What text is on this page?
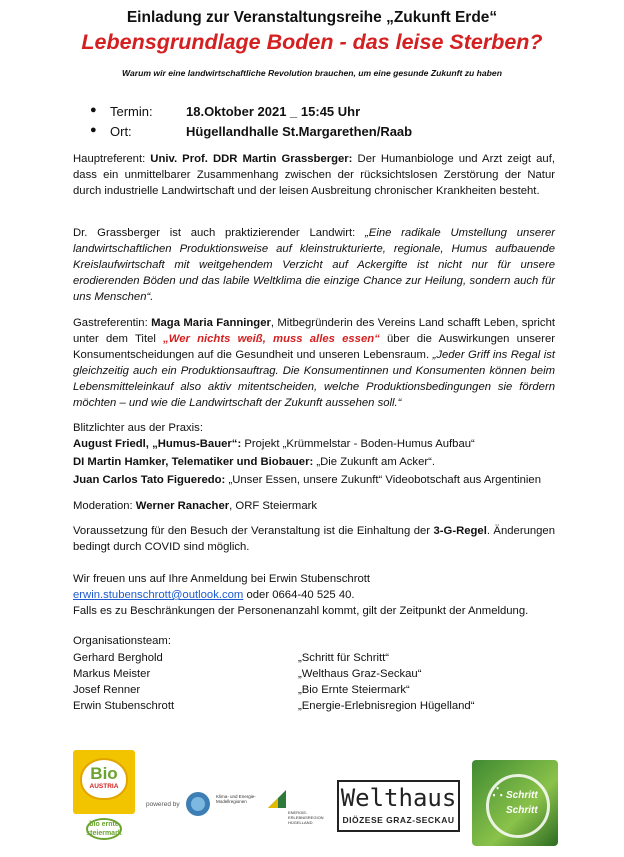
Einladung zur Veranstaltungsreihe „Zukunft Erde“
Lebensgrundlage Boden - das leise Sterben?
Warum wir eine landwirtschaftliche Revolution brauchen, um eine gesunde Zukunft zu haben
● Termin:	18.Oktober 2021 _ 15:45 Uhr
● Ort:	Hügellandhalle St.Margarethen/Raab
Hauptreferent: Univ. Prof. DDR Martin Grassberger: Der Humanbiologe und Arzt zeigt auf, dass ein unmittelbarer Zusammenhang zwischen der rücksichtslosen Zerstörung der Natur durch industrielle Landwirtschaft und der leisen Ausbreitung chronischer Krankheiten besteht.
Dr. Grassberger ist auch praktizierender Landwirt: „Eine radikale Umstellung unserer landwirtschaftlichen Produktionsweise auf kleinstrukturierte, regionale, Humus aufbauende Kreislaufwirtschaft mit weitgehendem Verzicht auf Ackergifte ist nicht nur für unsere erodierenden Böden und das labile Weltklima die einzige Chance zur Heilung, sondern auch für uns Menschen“.
Gastreferentin: Maga Maria Fanninger, Mitbegründerin des Vereins Land schafft Leben, spricht unter dem Titel „Wer nichts weiß, muss alles essen“ über die Auswirkungen unserer Konsumentscheidungen auf die Gesundheit und unseren Lebensraum. „Jeder Griff ins Regal ist gleichzeitig auch ein Produktionsauftrag. Die Konsumentinnen und Konsumenten können beim Lebensmitteleinkauf also aktiv mitentscheiden, welche Produktionsbedingungen sie fördern möchten – und wie die Landwirtschaft der Zukunft aussehen soll.“
Blitzlichter aus der Praxis:
August Friedl, „Humus-Bauer“: Projekt „Krümmelstar - Boden-Humus Aufbau“
DI Martin Hamker, Telematiker und Biobauer: „Die Zukunft am Acker“.
Juan Carlos Tato Figueredo: „Unser Essen, unsere Zukunft“ Videobotschaft aus Argentinien
Moderation: Werner Ranacher, ORF Steiermark
Voraussetzung für den Besuch der Veranstaltung ist die Einhaltung der 3-G-Regel. Änderungen bedingt durch COVID sind möglich.
Wir freuen uns auf Ihre Anmeldung bei Erwin Stubenschrott
erwin.stubenschrott@outlook.com oder 0664-40 525 40.
Falls es zu Beschränkungen der Personenanzahl kommt, gilt der Zeitpunkt der Anmeldung.
Organisationsteam:
Gerhard Berghold	„Schritt für Schritt“
Markus Meister	„Welthaus Graz-Seckau“
Josef Renner	„Bio Ernte Steiermark“
Erwin Stubenschrott	„Energie-Erlebnisregion Hügelland“
Bio
AUSTRIA
bio ernte
steiermark
powered by
Klima- und Energie-Modellregionen
ENERGIE-ERLEBNISREGION HÜGELLAND
Welthaus
DIÖZESE GRAZ-SECKAU
∴ Schritt
Schritt
